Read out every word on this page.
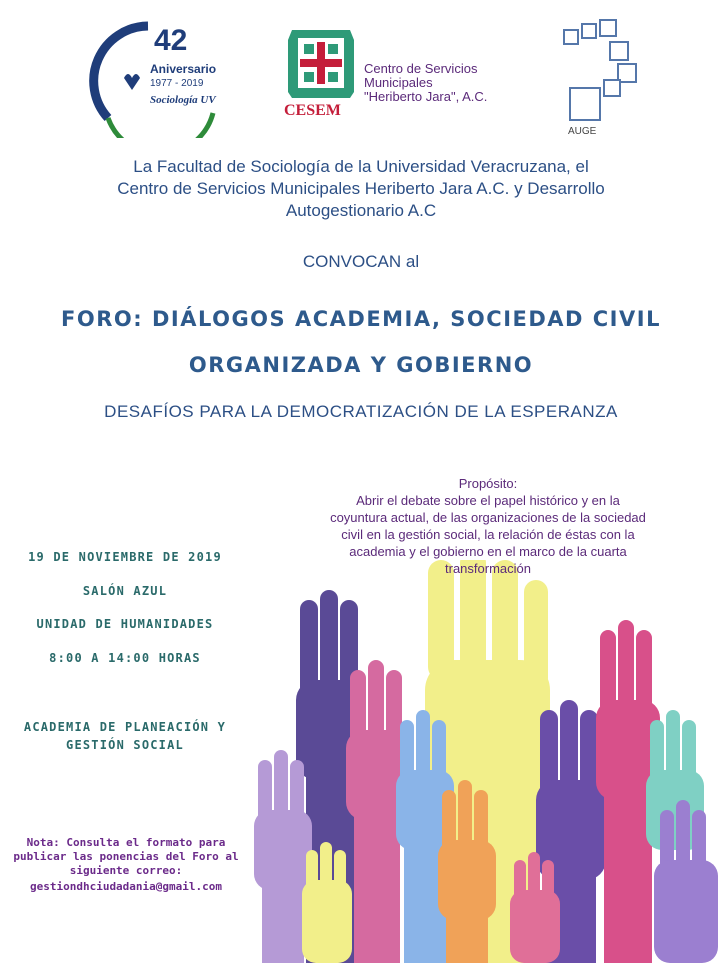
42
Aniversario
1977 - 2019
Sociología UV
CESEM
Centro de Servicios
Municipales
"Heriberto Jara", A.C.
AUGE
La Facultad de Sociología de la Universidad Veracruzana, el
Centro de Servicios Municipales Heriberto Jara A.C. y Desarrollo
Autogestionario A.C
CONVOCAN al
FORO: DIÁLOGOS ACADEMIA, SOCIEDAD CIVIL
ORGANIZADA Y GOBIERNO
DESAFÍOS PARA LA DEMOCRATIZACIÓN DE LA ESPERANZA
Propósito:
Abrir el debate sobre el papel histórico y en la
coyuntura actual, de las organizaciones de la sociedad
civil en la gestión social, la relación de éstas con la
academia y el gobierno en el marco de la cuarta
transformación
19 DE NOVIEMBRE DE 2019
SALÓN AZUL
UNIDAD DE HUMANIDADES
8:00 A 14:00 HORAS
ACADEMIA DE PLANEACIÓN Y
GESTIÓN SOCIAL
Nota: Consulta el formato para
publicar las ponencias del Foro al
siguiente correo:
gestiondhciudadania@gmail.com
